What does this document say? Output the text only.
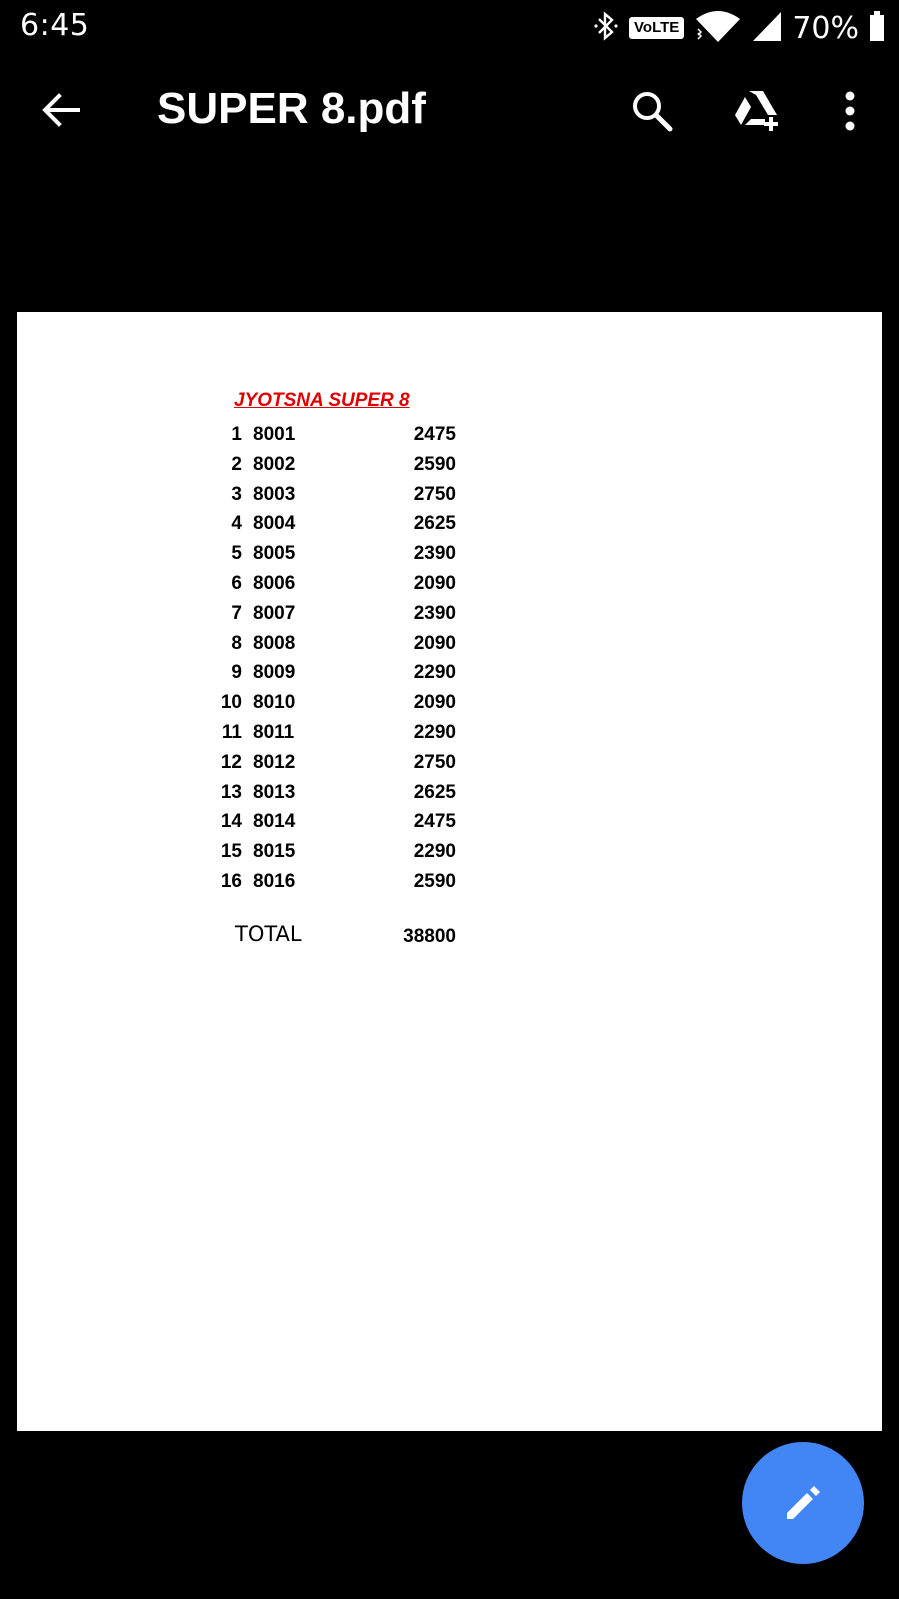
6:45	VoLTE	70%
SUPER 8.pdf
JYOTSNA SUPER 8
1 8001	2475
2 8002	2590
3 8003	2750
4 8004	2625
5 8005	2390
6 8006	2090
7 8007	2390
8 8008	2090
9 8009	2290
10 8010	2090
11 8011	2290
12 8012	2750
13 8013	2625
14 8014	2475
15 8015	2290
16 8016	2590
TOTAL	38800
